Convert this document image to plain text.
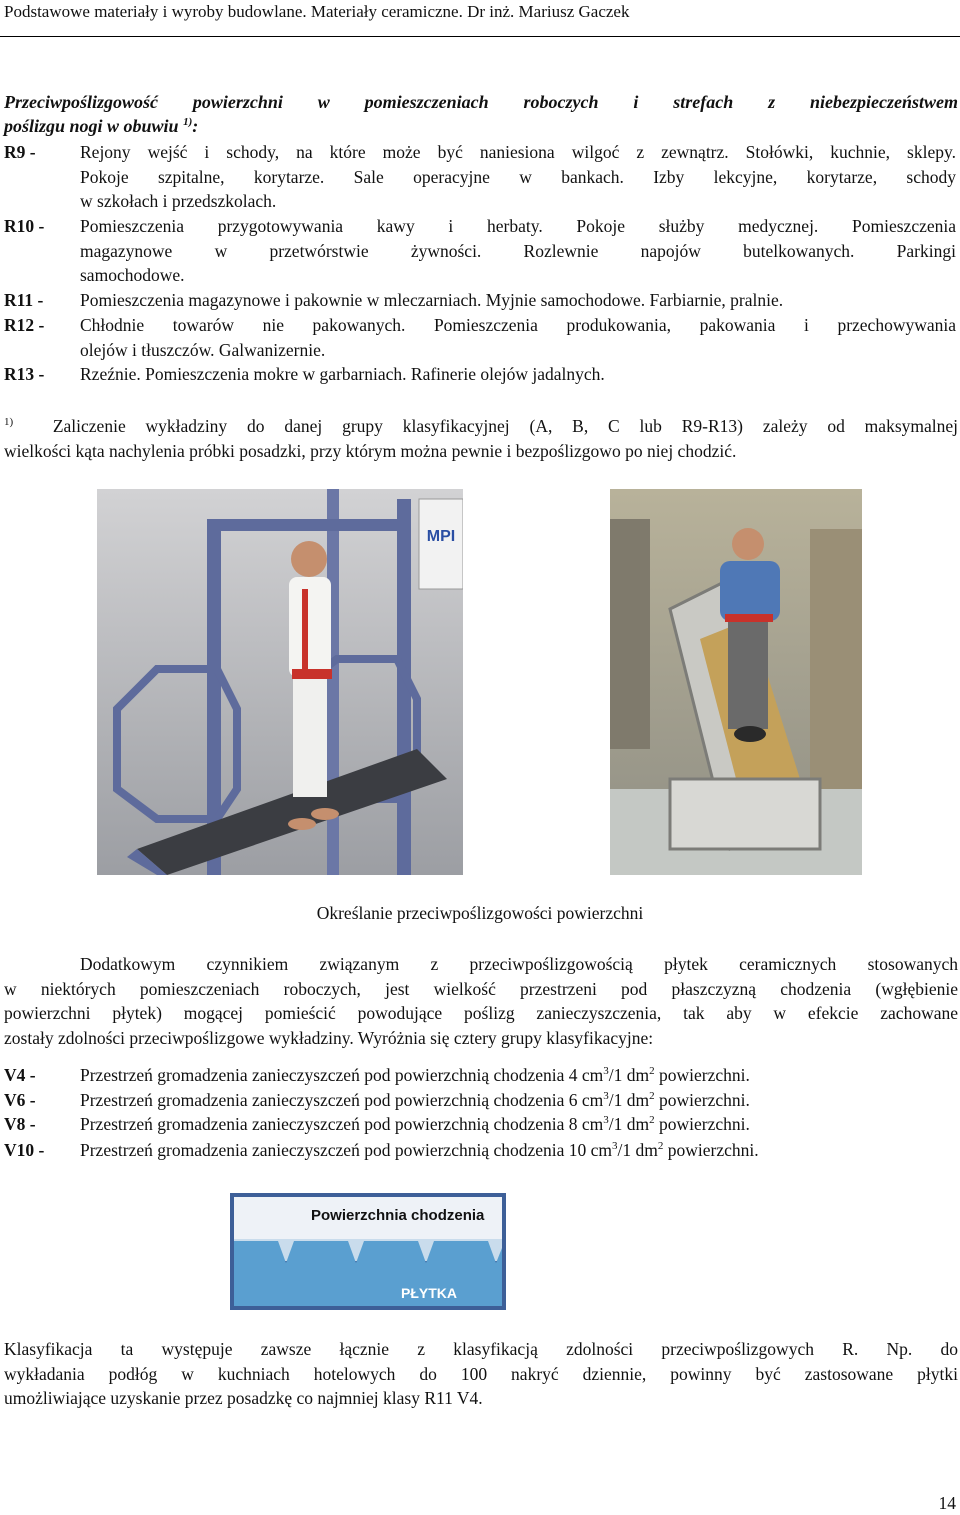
Podstawowe materiały i wyroby budowlane. Materiały ceramiczne. Dr inż. Mariusz Gaczek
Przeciwpoślizgowość powierzchni w pomieszczeniach roboczych i strefach z niebezpieczeństwem
poślizgu nogi w obuwiu $^{1)}$:
R9 -	Rejony wejść i schody, na które może być naniesiona wilgoć z zewnątrz. Stołówki, kuchnie, sklepy.
Pokoje szpitalne, korytarze. Sale operacyjne w bankach. Izby lekcyjne, korytarze, schody
w szkołach i przedszkolach.
R10 - Pomieszczenia przygotowywania kawy i herbaty. Pokoje służby medycznej. Pomieszczenia
magazynowe w przetwórstwie żywności. Rozlewnie napojów butelkowanych. Parkingi
samochodowe.
R11 - Pomieszczenia magazynowe i pakownie w mleczarniach. Myjnie samochodowe. Farbiarnie, pralnie.
R12 - Chłodnie towarów nie pakowanych. Pomieszczenia produkowania, pakowania i przechowywania
olejów i tłuszczów. Galwanizernie.
R13 - Rzeźnie. Pomieszczenia mokre w garbarniach. Rafinerie olejów jadalnych.
$^{1)}$ Zaliczenie wykładziny do danej grupy klasyfikacyjnej (A, B, C lub R9-R13) zależy od maksymalnej
wielkości kąta nachylenia próbki posadzki, przy którym można pewnie i bezpoślizgowo po niej chodzić.
MPI
Określanie przeciwpoślizgowości powierzchni
Dodatkowym czynnikiem związanym z przeciwpoślizgowością płytek ceramicznych stosowanych
w niektórych pomieszczeniach roboczych, jest wielkość przestrzeni pod płaszczyzną chodzenia (wgłębienie
powierzchni płytek) mogącej pomieścić powodujące poślizg zanieczyszczenia, tak aby w efekcie zachowane
zostały zdolności przeciwpoślizgowe wykładziny. Wyróżnia się cztery grupy klasyfikacyjne:
V4 -	Przestrzeń gromadzenia zanieczyszczeń pod powierzchnią chodzenia 4 $cm^3/1$ $dm^2$ powierzchni.
V6 -	Przestrzeń gromadzenia zanieczyszczeń pod powierzchnią chodzenia 6 $cm^3/1$ $dm^2$ powierzchni.
V8 -	Przestrzeń gromadzenia zanieczyszczeń pod powierzchnią chodzenia 8 $cm^3/1$ $dm^2$ powierzchni.
V10 - Przestrzeń gromadzenia zanieczyszczeń pod powierzchnią chodzenia 10 $cm^3/1$ $dm^2$ powierzchni.
Powierzchnia chodzenia
PŁYTKA
Klasyfikacja ta występuje zawsze łącznie z klasyfikacją zdolności przeciwpoślizgowych R. Np. do
wykładania podłóg w kuchniach hotelowych do 100 nakryć dziennie, powinny być zastosowane płytki
umożliwiające uzyskanie przez posadzkę co najmniej klasy R11 V4.
14
